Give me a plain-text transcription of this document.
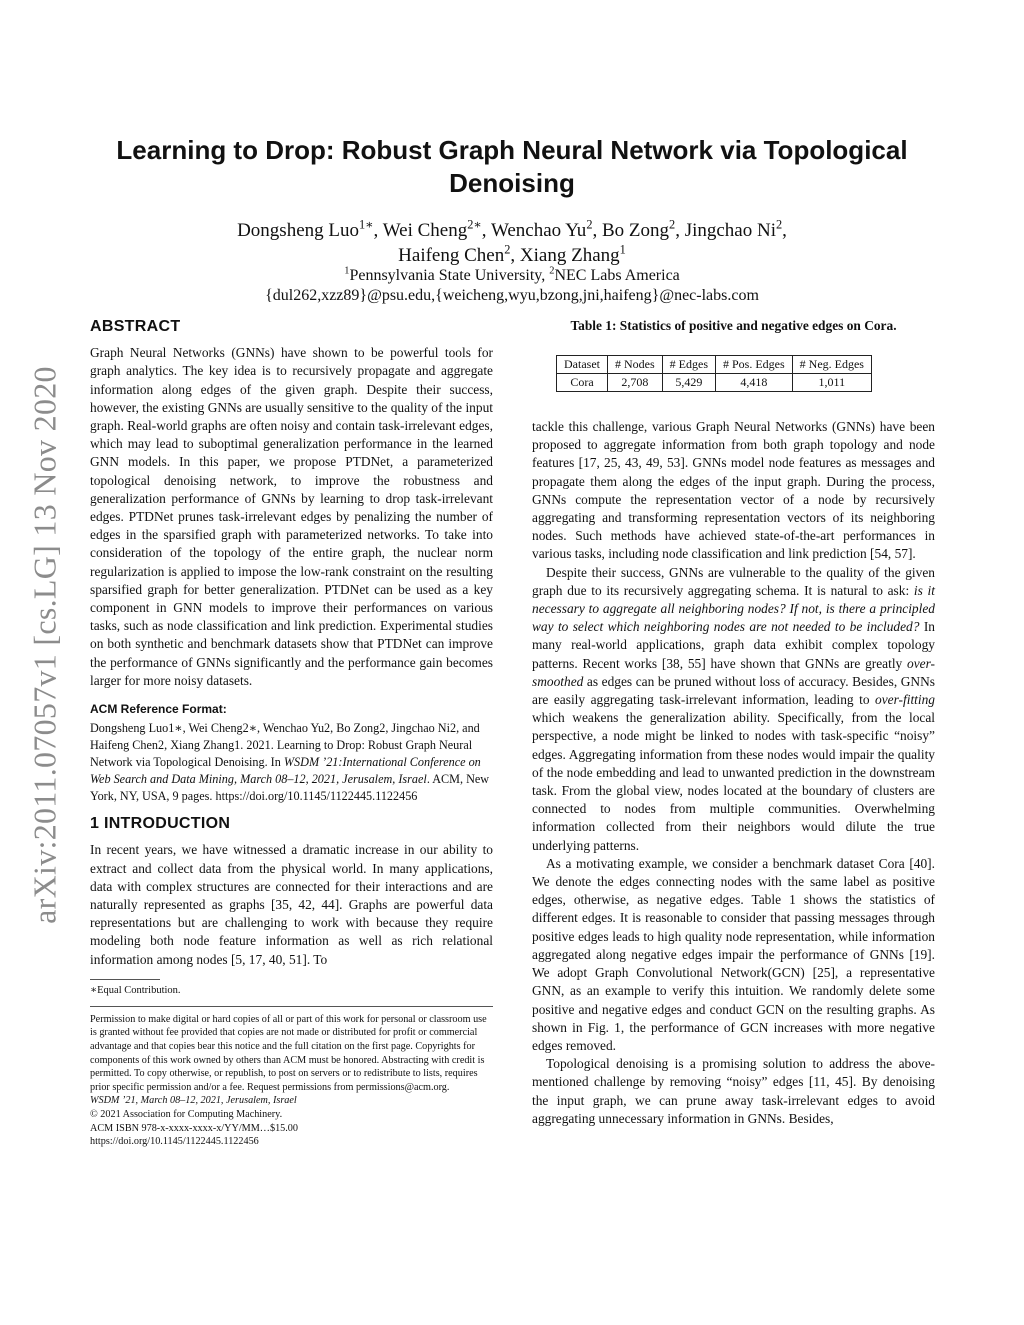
arXiv:2011.07057v1 [cs.LG] 13 Nov 2020
Learning to Drop: Robust Graph Neural Network via Topological Denoising
Dongsheng Luo$^{1∗}$, Wei Cheng$^{2∗}$, Wenchao Yu$^2$, Bo Zong$^2$, Jingchao Ni$^2$,
Haifeng Chen$^2$, Xiang Zhang$^1$
$^1$Pennsylvania State University, $^2$NEC Labs America
{dul262,xzz89}@psu.edu,{weicheng,wyu,bzong,jni,haifeng}@nec-labs.com
ABSTRACT

Graph Neural Networks (GNNs) have shown to be powerful tools for graph analytics. The key idea is to recursively propagate and aggregate information along edges of the given graph. Despite their success, however, the existing GNNs are usually sensitive to the quality of the input graph. Real-world graphs are often noisy and contain task-irrelevant edges, which may lead to suboptimal generalization performance in the learned GNN models. In this paper, we propose PTDNet, a parameterized topological denoising network, to improve the robustness and generalization performance of GNNs by learning to drop task-irrelevant edges. PTDNet prunes task-irrelevant edges by penalizing the number of edges in the sparsified graph with parameterized networks. To take into consideration of the topology of the entire graph, the nuclear norm regularization is applied to impose the low-rank constraint on the resulting sparsified graph for better generalization. PTDNet can be used as a key component in GNN models to improve their performances on various tasks, such as node classification and link prediction. Experimental studies on both synthetic and benchmark datasets show that PTDNet can improve the performance of GNNs significantly and the performance gain becomes larger for more noisy datasets.

ACM Reference Format:
Dongsheng Luo1∗, Wei Cheng2∗, Wenchao Yu2, Bo Zong2, Jingchao Ni2, and Haifeng Chen2, Xiang Zhang1. 2021. Learning to Drop: Robust Graph Neural Network via Topological Denoising. In WSDM ’21:International Conference on Web Search and Data Mining, March 08–12, 2021, Jerusalem, Israel. ACM, New York, NY, USA, 9 pages. https://doi.org/10.1145/1122445.1122456
1 INTRODUCTION

In recent years, we have witnessed a dramatic increase in our ability to extract and collect data from the physical world. In many applications, data with complex structures are connected for their interactions and are naturally represented as graphs [35, 42, 44]. Graphs are powerful data representations but are challenging to work with because they require modeling both node feature information as well as rich relational information among nodes [5, 17, 40, 51]. To

∗Equal Contribution.
Permission to make digital or hard copies of all or part of this work for personal or classroom use is granted without fee provided that copies are not made or distributed for profit or commercial advantage and that copies bear this notice and the full citation on the first page. Copyrights for components of this work owned by others than ACM must be honored. Abstracting with credit is permitted. To copy otherwise, or republish, to post on servers or to redistribute to lists, requires prior specific permission and/or a fee. Request permissions from permissions@acm.org.
WSDM ’21, March 08–12, 2021, Jerusalem, Israel
© 2021 Association for Computing Machinery.
ACM ISBN 978-x-xxxx-xxxx-x/YY/MM…$15.00
https://doi.org/10.1145/1122445.1122456
Table 1: Statistics of positive and negative edges on Cora.
Dataset	# Nodes	# Edges	# Pos. Edges	# Neg. Edges
Cora	2,708	5,429	4,418	1,011

tackle this challenge, various Graph Neural Networks (GNNs) have been proposed to aggregate information from both graph topology and node features [17, 25, 43, 49, 53]. GNNs model node features as messages and propagate them along the edges of the input graph. During the process, GNNs compute the representation vector of a node by recursively aggregating and transforming representation vectors of its neighboring nodes. Such methods have achieved state-of-the-art performances in various tasks, including node classification and link prediction [54, 57].

Despite their success, GNNs are vulnerable to the quality of the given graph due to its recursively aggregating schema. It is natural to ask: is it necessary to aggregate all neighboring nodes? If not, is there a principled way to select which neighboring nodes are not needed to be included? In many real-world applications, graph data exhibit complex topology patterns. Recent works [38, 55] have shown that GNNs are greatly over-smoothed as edges can be pruned without loss of accuracy. Besides, GNNs are easily aggregating task-irrelevant information, leading to over-fitting which weakens the generalization ability. Specifically, from the local perspective, a node might be linked to nodes with task-specific “noisy” edges. Aggregating information from these nodes would impair the quality of the node embedding and lead to unwanted prediction in the downstream task. From the global view, nodes located at the boundary of clusters are connected to nodes from multiple communities. Overwhelming information collected from their neighbors would dilute the true underlying patterns.

As a motivating example, we consider a benchmark dataset Cora [40]. We denote the edges connecting nodes with the same label as positive edges, otherwise, as negative edges. Table 1 shows the statistics of different edges. It is reasonable to consider that passing messages through positive edges leads to high quality node representation, while information aggregated along negative edges impair the performance of GNNs [19]. We adopt Graph Convolutional Network(GCN) [25], a representative GNN, as an example to verify this intuition. We randomly delete some positive and negative edges and conduct GCN on the resulting graphs. As shown in Fig. 1, the performance of GCN increases with more negative edges removed.

Topological denoising is a promising solution to address the above-mentioned challenge by removing “noisy” edges [11, 45]. By denoising the input graph, we can prune away task-irrelevant edges to avoid aggregating unnecessary information in GNNs. Besides,
